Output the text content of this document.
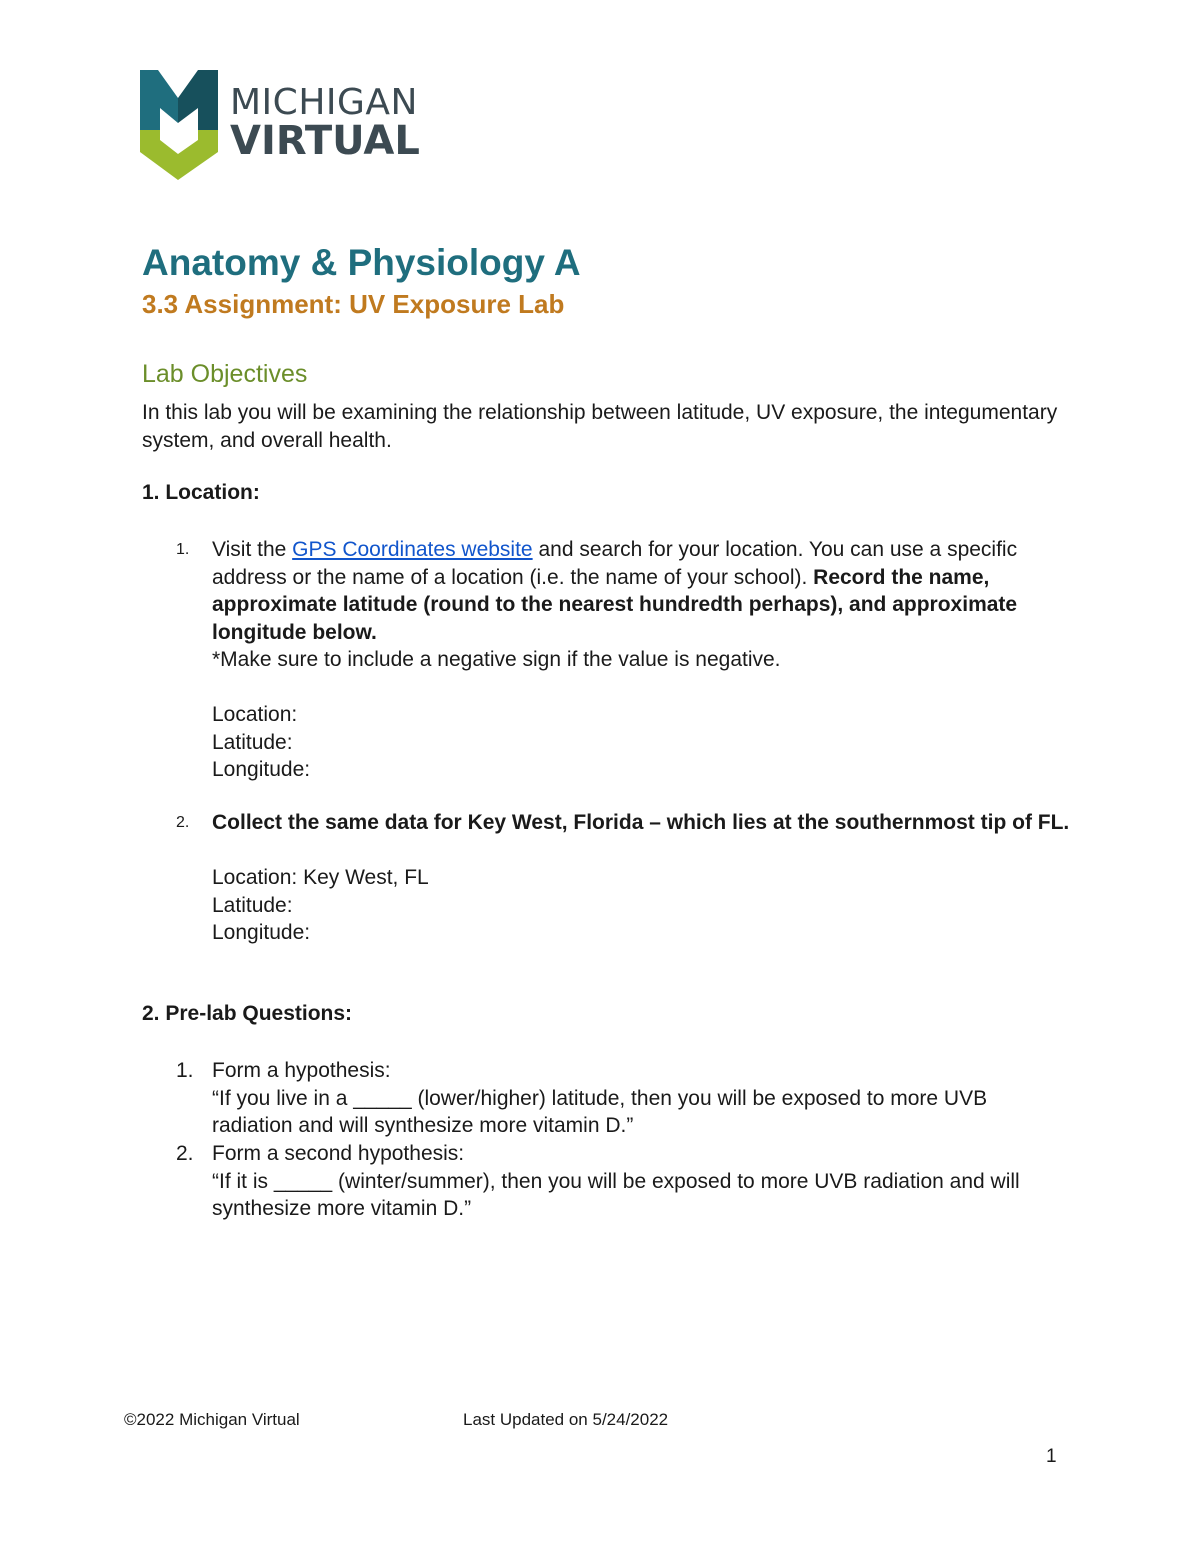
MICHIGAN
VIRTUAL
Anatomy & Physiology A
3.3 Assignment: UV Exposure Lab
Lab Objectives
In this lab you will be examining the relationship between latitude, UV exposure, the integumentary system, and overall health.
1. Location:
1.	Visit the GPS Coordinates website and search for your location. You can use a specific address or the name of a location (i.e. the name of your school). Record the name, approximate latitude (round to the nearest hundredth perhaps), and approximate longitude below.
*Make sure to include a negative sign if the value is negative.
Location:
Latitude:
Longitude:
2.	Collect the same data for Key West, Florida – which lies at the southernmost tip of FL.
Location: Key West, FL
Latitude:
Longitude:
2. Pre-lab Questions:
1. Form a hypothesis:
“If you live in a _____ (lower/higher) latitude, then you will be exposed to more UVB radiation and will synthesize more vitamin D.”
2. Form a second hypothesis:
“If it is _____ (winter/summer), then you will be exposed to more UVB radiation and will synthesize more vitamin D.”
©2022 Michigan Virtual	Last Updated on 5/24/2022
1
